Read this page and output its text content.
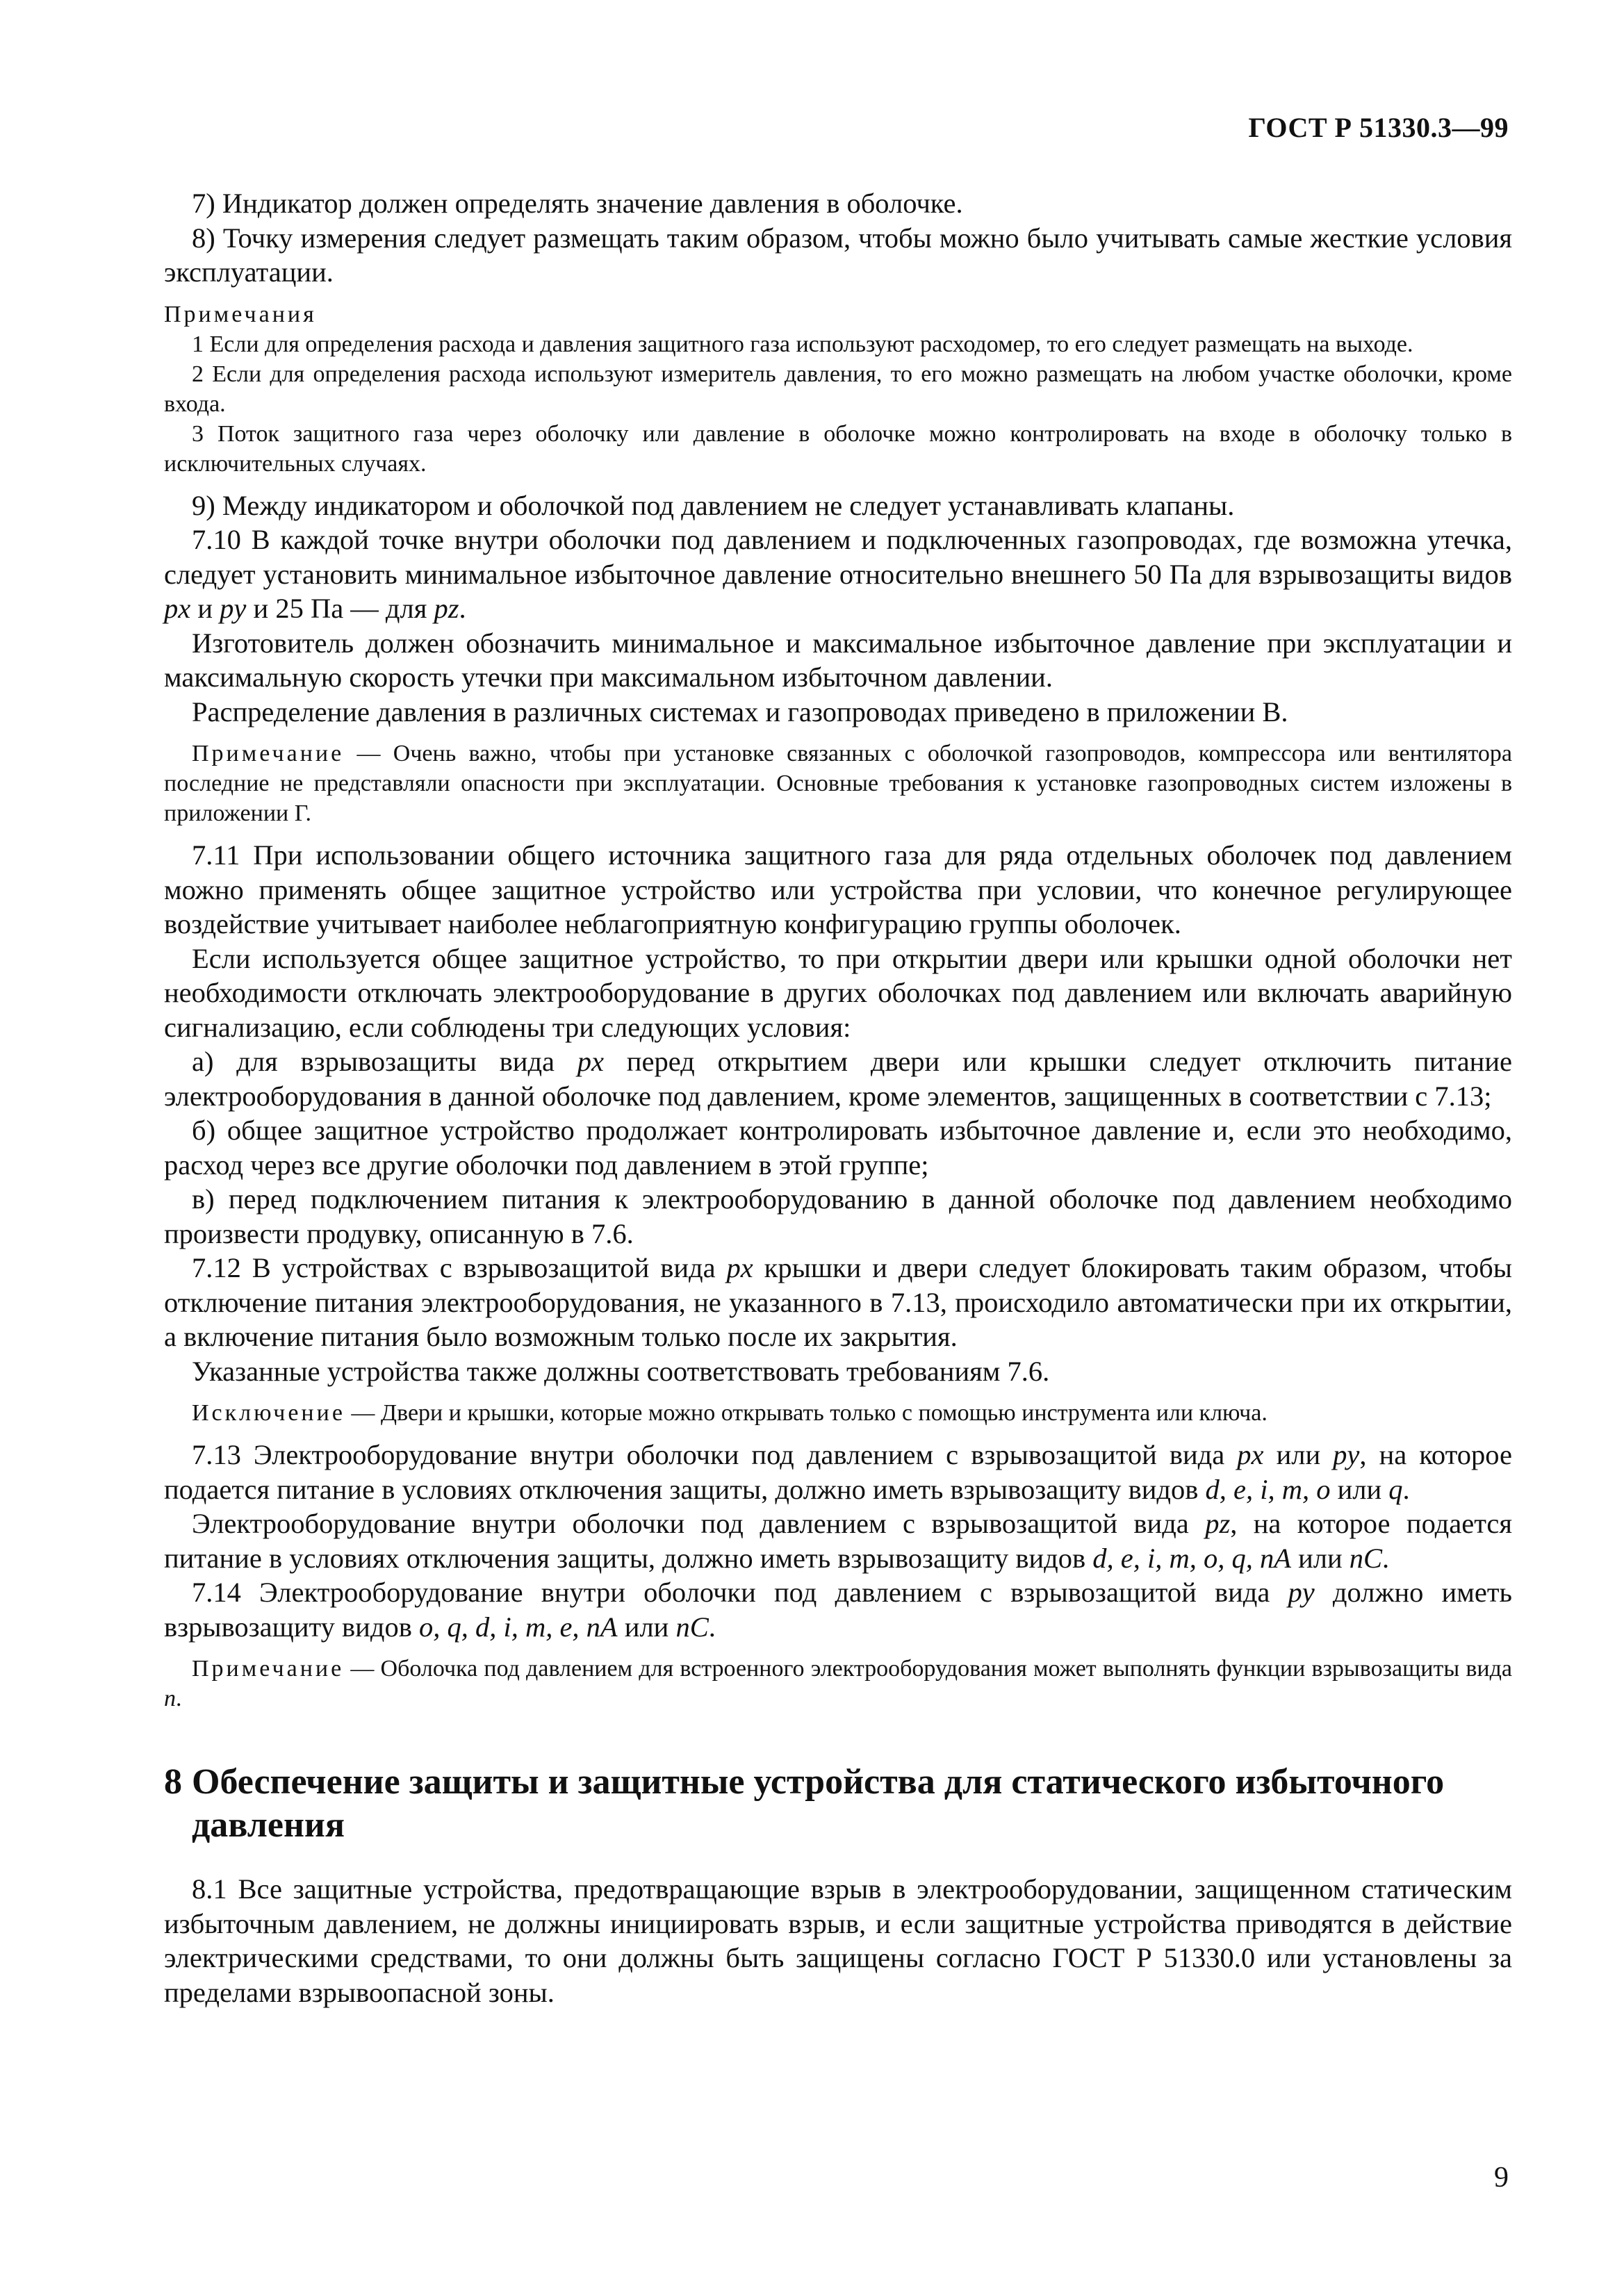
ГОСТ Р 51330.3—99

7) Индикатор должен определять значение давления в оболочке.

8) Точку измерения следует размещать таким образом, чтобы можно было учитывать самые жесткие условия эксплуатации.

Примечания

1 Если для определения расхода и давления защитного газа используют расходомер, то его следует размещать на выходе.

2 Если для определения расхода используют измеритель давления, то его можно размещать на любом участке оболочки, кроме входа.

3 Поток защитного газа через оболочку или давление в оболочке можно контролировать на входе в оболочку только в исключительных случаях.

9) Между индикатором и оболочкой под давлением не следует устанавливать клапаны.

7.10 В каждой точке внутри оболочки под давлением и подключенных газопроводах, где возможна утечка, следует установить минимальное избыточное давление относительно внешнего 50 Па для взрывозащиты видов px и py и 25 Па — для pz.

Изготовитель должен обозначить минимальное и максимальное избыточное давление при эксплуатации и максимальную скорость утечки при максимальном избыточном давлении.

Распределение давления в различных системах и газопроводах приведено в приложении В.

Примечание — Очень важно, чтобы при установке связанных с оболочкой газопроводов, компрессора или вентилятора последние не представляли опасности при эксплуатации. Основные требования к установке газопроводных систем изложены в приложении Г.

7.11 При использовании общего источника защитного газа для ряда отдельных оболочек под давлением можно применять общее защитное устройство или устройства при условии, что конечное регулирующее воздействие учитывает наиболее неблагоприятную конфигурацию группы оболочек.

Если используется общее защитное устройство, то при открытии двери или крышки одной оболочки нет необходимости отключать электрооборудование в других оболочках под давлением или включать аварийную сигнализацию, если соблюдены три следующих условия:

а) для взрывозащиты вида px перед открытием двери или крышки следует отключить питание электрооборудования в данной оболочке под давлением, кроме элементов, защищенных в соответствии с 7.13;

б) общее защитное устройство продолжает контролировать избыточное давление и, если это необходимо, расход через все другие оболочки под давлением в этой группе;

в) перед подключением питания к электрооборудованию в данной оболочке под давлением необходимо произвести продувку, описанную в 7.6.

7.12 В устройствах с взрывозащитой вида px крышки и двери следует блокировать таким образом, чтобы отключение питания электрооборудования, не указанного в 7.13, происходило автоматически при их открытии, а включение питания было возможным только после их закрытия.

Указанные устройства также должны соответствовать требованиям 7.6.

Исключение — Двери и крышки, которые можно открывать только с помощью инструмента или ключа.

7.13 Электрооборудование внутри оболочки под давлением с взрывозащитой вида px или py, на которое подается питание в условиях отключения защиты, должно иметь взрывозащиту видов d, e, i, m, o или q.

Электрооборудование внутри оболочки под давлением с взрывозащитой вида pz, на которое подается питание в условиях отключения защиты, должно иметь взрывозащиту видов d, e, i, m, o, q, nA или nC.

7.14 Электрооборудование внутри оболочки под давлением с взрывозащитой вида py должно иметь взрывозащиту видов o, q, d, i, m, e, nA или nC.

Примечание — Оболочка под давлением для встроенного электрооборудования может выполнять функции взрывозащиты вида n.

8 Обеспечение защиты и защитные устройства для статического избыточного давления

8.1 Все защитные устройства, предотвращающие взрыв в электрооборудовании, защищенном статическим избыточным давлением, не должны инициировать взрыв, и если защитные устройства приводятся в действие электрическими средствами, то они должны быть защищены согласно ГОСТ Р 51330.0 или установлены за пределами взрывоопасной зоны.

9
